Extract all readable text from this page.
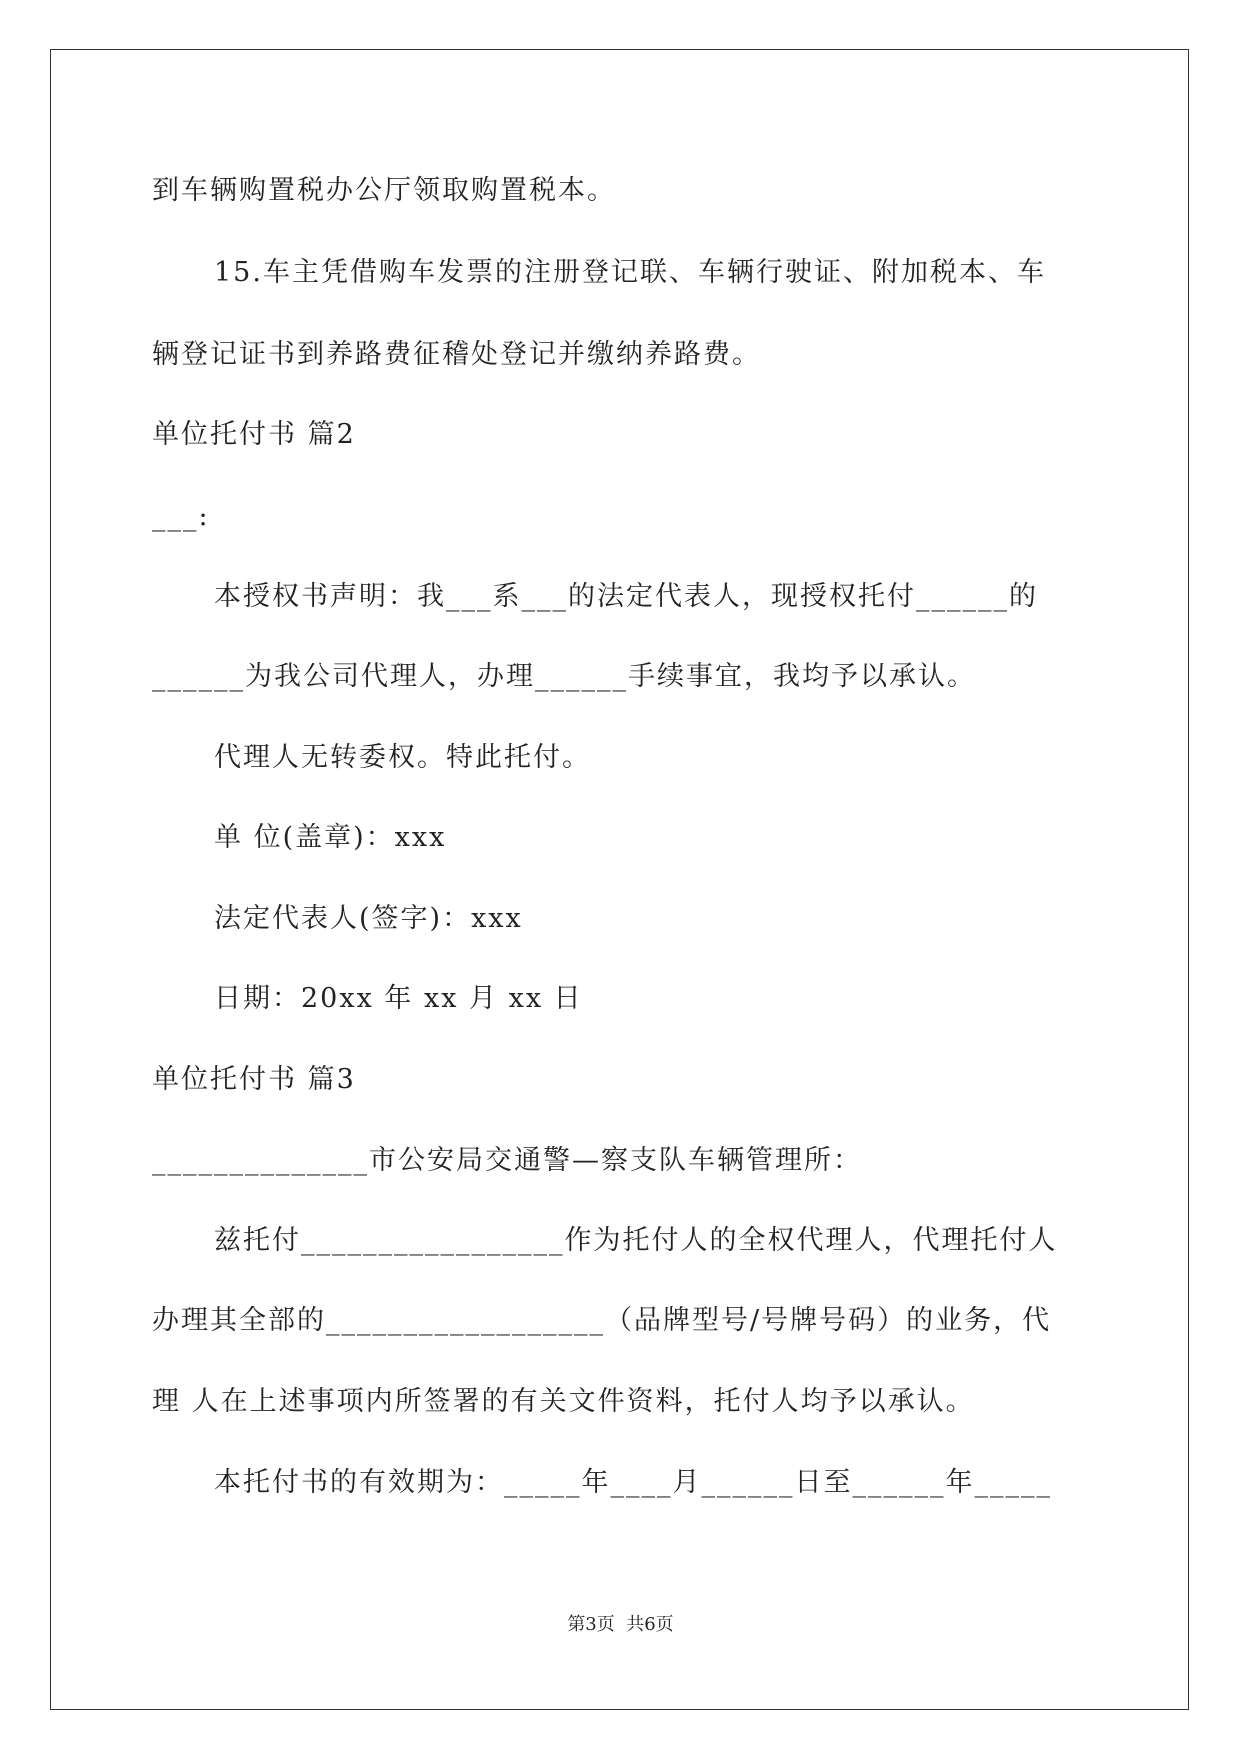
到车辆购置税办公厅领取购置税本。
15.车主凭借购车发票的注册登记联、车辆行驶证、附加税本、车
辆登记证书到养路费征稽处登记并缴纳养路费。
单位托付书 篇2
___:
本授权书声明：我___系___的法定代表人，现授权托付______的
______为我公司代理人，办理______手续事宜，我均予以承认。
代理人无转委权。特此托付。
单 位(盖章)：xxx
法定代表人(签字)：xxx
日期：20xx 年 xx 月 xx 日
单位托付书 篇3
______________市公安局交通警—察支队车辆管理所：
兹托付_________________作为托付人的全权代理人，代理托付人
办理其全部的__________________（品牌型号/号牌号码）的业务，代
理 人在上述事项内所签署的有关文件资料，托付人均予以承认。
本托付书的有效期为：_____年____月______日至______年_____
第3页  共6页
